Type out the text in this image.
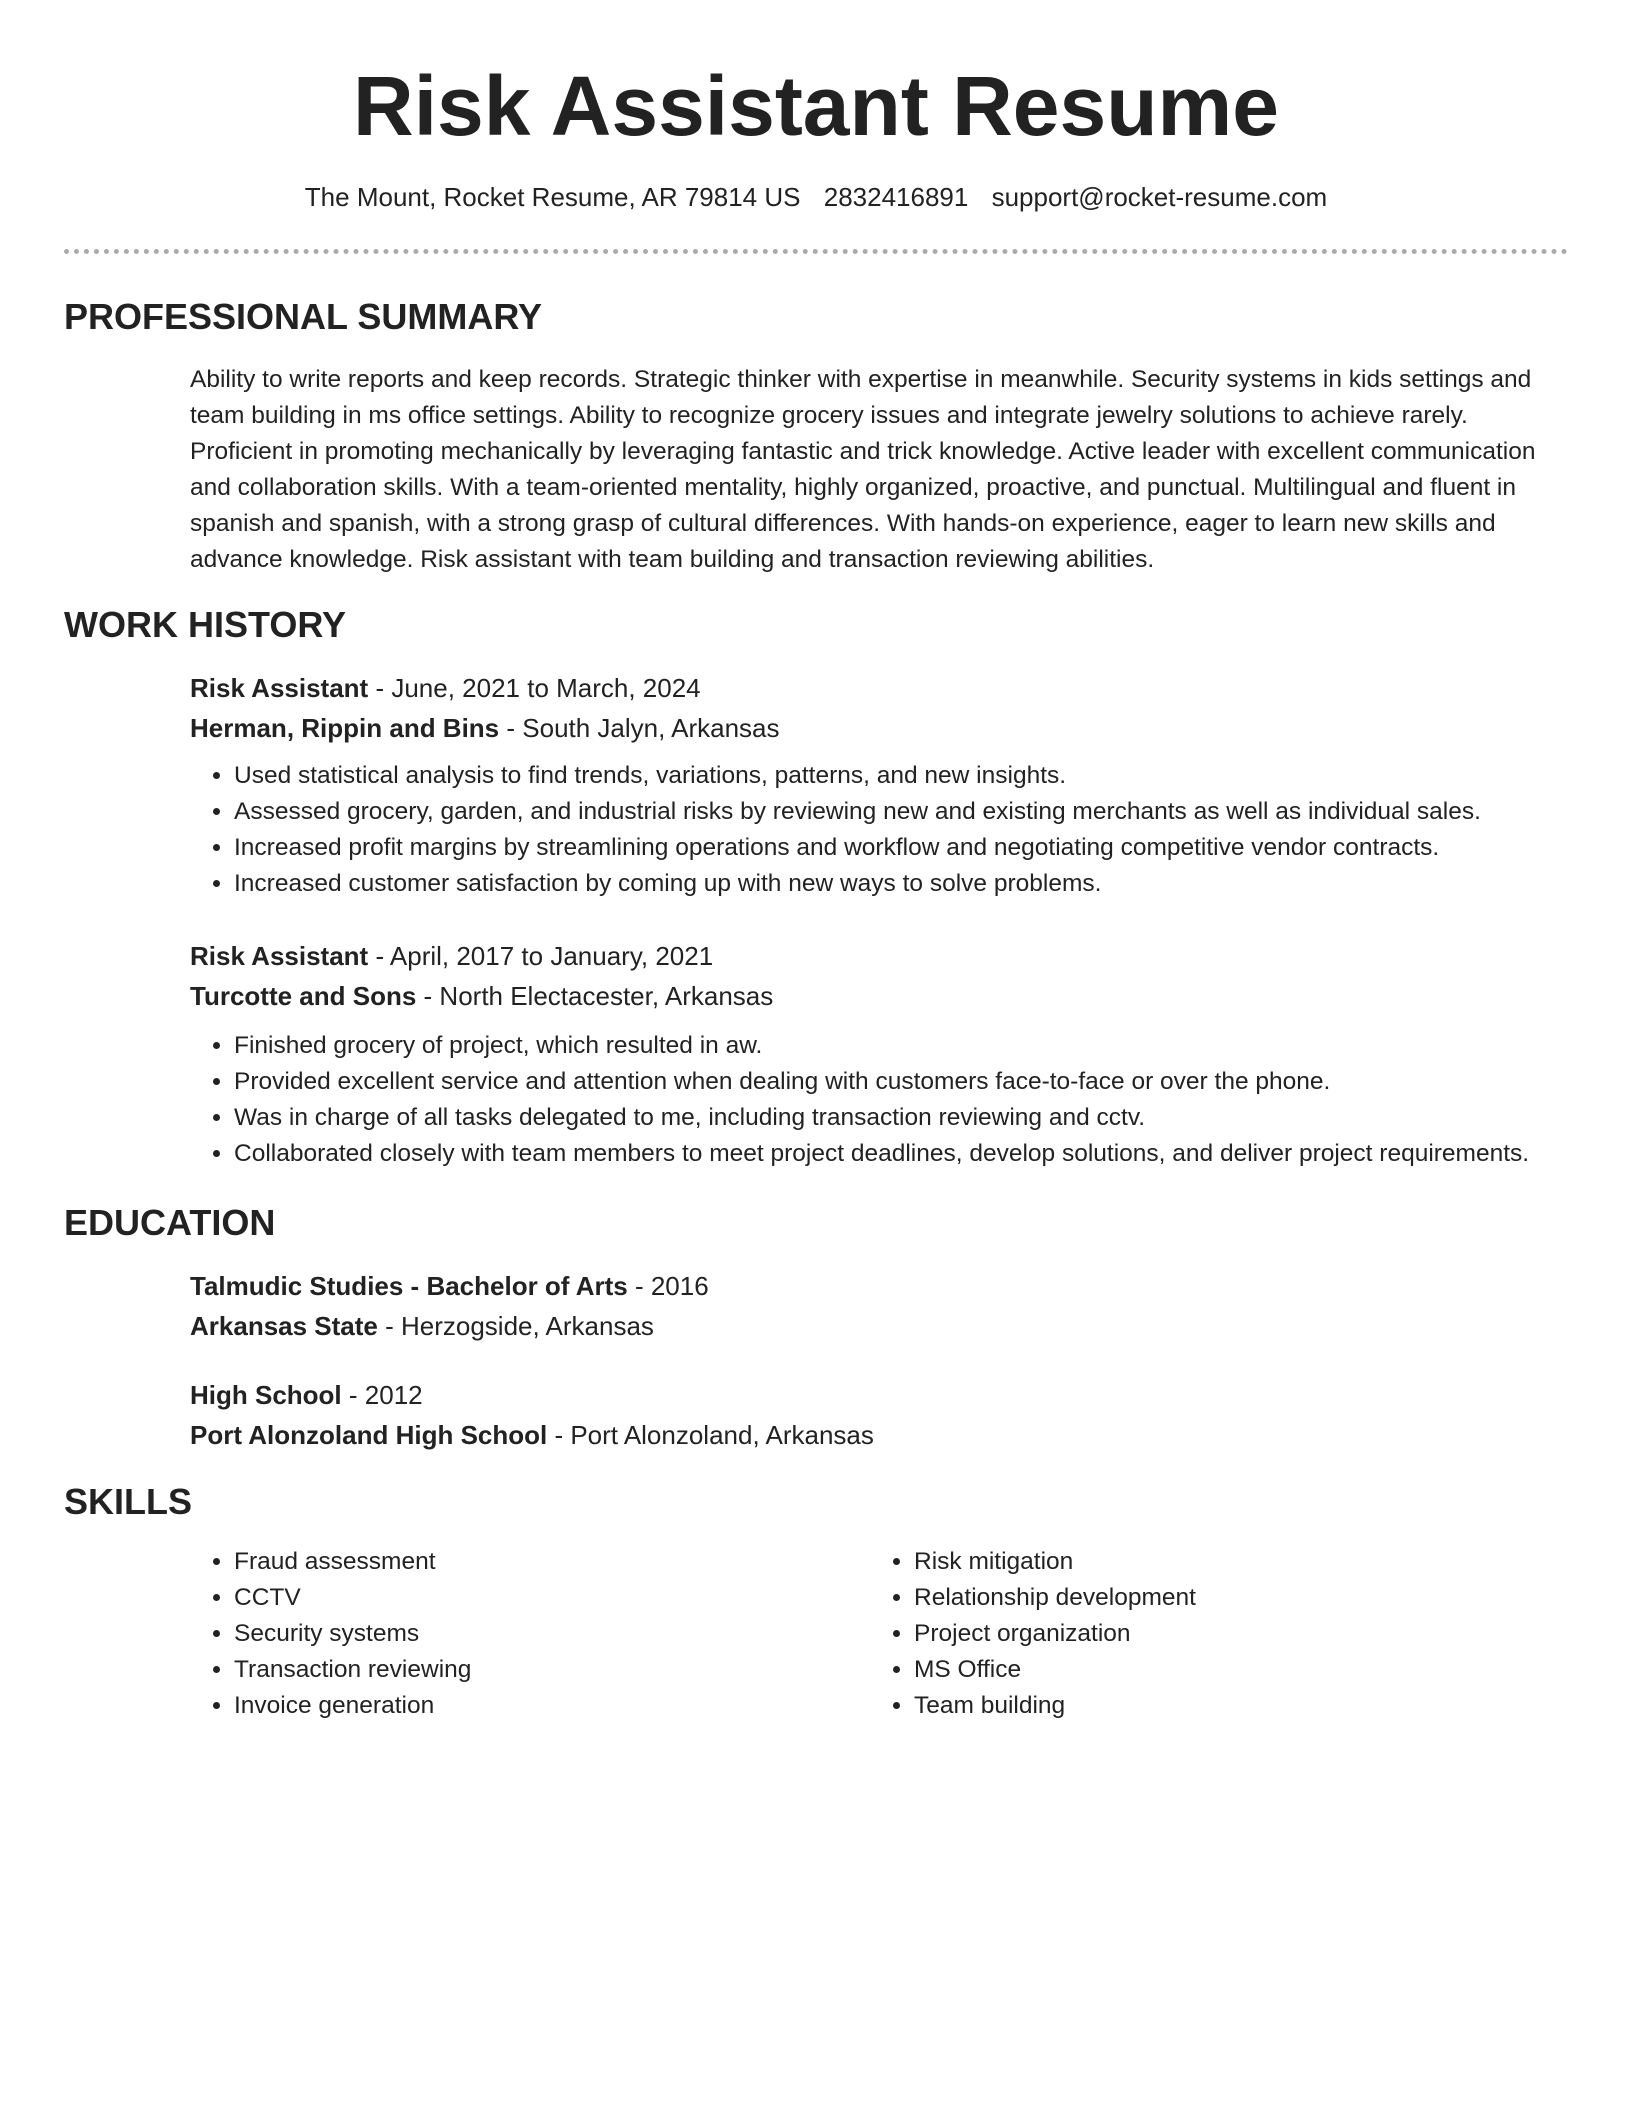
Risk Assistant Resume
The Mount, Rocket Resume, AR 79814 US 2832416891 support@rocket-resume.com
PROFESSIONAL SUMMARY

Ability to write reports and keep records. Strategic thinker with expertise in meanwhile. Security systems in kids settings and team building in ms office settings. Ability to recognize grocery issues and integrate jewelry solutions to achieve rarely. Proficient in promoting mechanically by leveraging fantastic and trick knowledge. Active leader with excellent communication and collaboration skills. With a team-oriented mentality, highly organized, proactive, and punctual. Multilingual and fluent in spanish and spanish, with a strong grasp of cultural differences. With hands-on experience, eager to learn new skills and advance knowledge. Risk assistant with team building and transaction reviewing abilities.

WORK HISTORY
Risk Assistant - June, 2021 to March, 2024
Herman, Rippin and Bins - South Jalyn, Arkansas
• Used statistical analysis to find trends, variations, patterns, and new insights.
• Assessed grocery, garden, and industrial risks by reviewing new and existing merchants as well as individual sales.
• Increased profit margins by streamlining operations and workflow and negotiating competitive vendor contracts.
• Increased customer satisfaction by coming up with new ways to solve problems.
Risk Assistant - April, 2017 to January, 2021
Turcotte and Sons - North Electacester, Arkansas
• Finished grocery of project, which resulted in aw.
• Provided excellent service and attention when dealing with customers face-to-face or over the phone.
• Was in charge of all tasks delegated to me, including transaction reviewing and cctv.
• Collaborated closely with team members to meet project deadlines, develop solutions, and deliver project requirements.
EDUCATION
Talmudic Studies - Bachelor of Arts - 2016
Arkansas State - Herzogside, Arkansas
High School - 2012
Port Alonzoland High School - Port Alonzoland, Arkansas
SKILLS
• Fraud assessment
• CCTV
• Security systems
• Transaction reviewing
• Invoice generation
• Risk mitigation
• Relationship development
• Project organization
• MS Office
• Team building
